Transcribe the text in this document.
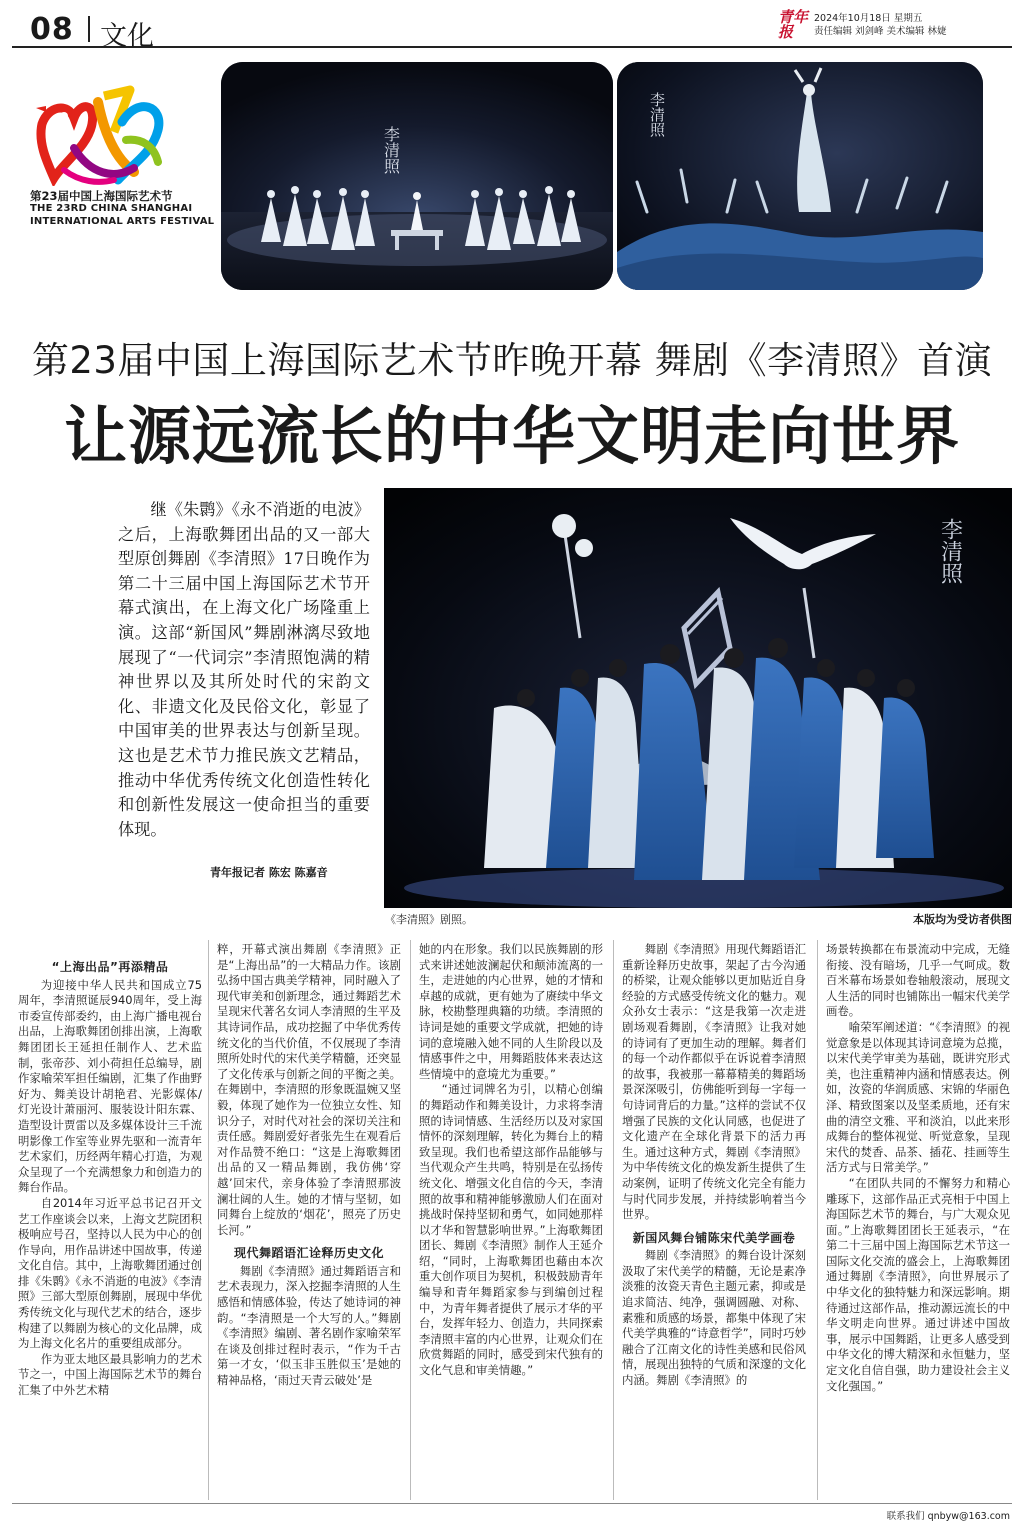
08 文化
青年报
2024年10月18日 星期五
责任编辑 刘剑峰 美术编辑 林婕
第23届中国上海国际艺术节
THE 23RD CHINA SHANGHAI
INTERNATIONAL ARTS FESTIVAL
李清照
李清照
第23届中国上海国际艺术节昨晚开幕 舞剧《李清照》首演
让源远流长的中华文明走向世界
继《朱鹮》《永不消逝的电波》之后，上海歌舞团出品的又一部大型原创舞剧《李清照》17日晚作为第二十三届中国上海国际艺术节开幕式演出，在上海文化广场隆重上演。这部“新国风”舞剧淋漓尽致地展现了“一代词宗”李清照饱满的精神世界以及其所处时代的宋韵文化、非遗文化及民俗文化，彰显了中国审美的世界表达与创新呈现。这也是艺术节力推民族文艺精品，推动中华优秀传统文化创造性转化和创新性发展这一使命担当的重要体现。
青年报记者 陈宏 陈嘉音
李清照
《李清照》剧照。	本版均为受访者供图
“上海出品”再添精品

为迎接中华人民共和国成立75周年，李清照诞辰940周年，受上海市委宣传部委约，由上海广播电视台出品，上海歌舞团创排出演，上海歌舞团团长王延担任制作人、艺术监制，张帝莎、刘小荷担任总编导，剧作家喻荣军担任编剧，汇集了作曲野好为、舞美设计胡艳君、光影媒体/灯光设计萧丽河、服装设计阳东霖、造型设计贾雷以及多媒体设计三千流明影像工作室等业界先驱和一流青年艺术家们，历经两年精心打造，为观众呈现了一个充满想象力和创造力的舞台作品。

自2014年习近平总书记召开文艺工作座谈会以来，上海文艺院团积极响应号召，坚持以人民为中心的创作导向，用作品讲述中国故事，传递文化自信。其中，上海歌舞团通过创排《朱鹮》《永不消逝的电波》《李清照》三部大型原创舞剧，展现中华优秀传统文化与现代艺术的结合，逐步构建了以舞剧为核心的文化品牌，成为上海文化名片的重要组成部分。

作为亚太地区最具影响力的艺术节之一，中国上海国际艺术节的舞台汇集了中外艺术精

粹，开幕式演出舞剧《李清照》正是“上海出品”的一大精品力作。该剧弘扬中国古典美学精神，同时融入了现代审美和创新理念，通过舞蹈艺术呈现宋代著名女词人李清照的生平及其诗词作品，成功挖掘了中华优秀传统文化的当代价值，不仅展现了李清照所处时代的宋代美学精髓，还突显了文化传承与创新之间的平衡之美。在舞剧中，李清照的形象既温婉又坚毅，体现了她作为一位独立女性、知识分子，对时代对社会的深切关注和责任感。舞剧爱好者张先生在观看后对作品赞不绝口：“这是上海歌舞团出品的又一精品舞剧，我仿佛‘穿越’回宋代，亲身体验了李清照那波澜壮阔的人生。她的才情与坚韧，如同舞台上绽放的‘烟花’，照亮了历史长河。”

现代舞蹈语汇诠释历史文化

舞剧《李清照》通过舞蹈语言和艺术表现力，深入挖掘李清照的人生感悟和情感体验，传达了她诗词的神韵。“李清照是一个大写的人。”舞剧《李清照》编剧、著名剧作家喻荣军在谈及创排过程时表示，“作为千古第一才女，‘似玉非玉胜似玉’是她的精神品格，‘雨过天青云破处’是

她的内在形象。我们以民族舞剧的形式来讲述她波澜起伏和颠沛流离的一生，走进她的内心世界，她的才情和卓越的成就，更有她为了赓续中华文脉，校勘整理典籍的功绩。李清照的诗词是她的重要文学成就，把她的诗词的意境融入她不同的人生阶段以及情感事件之中，用舞蹈肢体来表达这些情境中的意境尤为重要。”

“通过词牌名为引，以精心创编的舞蹈动作和舞美设计，力求将李清照的诗词情感、生活经历以及对家国情怀的深刻理解，转化为舞台上的精致呈现。我们也希望这部作品能够与当代观众产生共鸣，特别是在弘扬传统文化、增强文化自信的今天，李清照的故事和精神能够激励人们在面对挑战时保持坚韧和勇气，如同她那样以才华和智慧影响世界。”上海歌舞团团长、舞剧《李清照》制作人王延介绍，“同时，上海歌舞团也藉由本次重大创作项目为契机，积极鼓励青年编导和青年舞蹈家参与到编创过程中，为青年舞者提供了展示才华的平台，发挥年轻力、创造力，共同探索李清照丰富的内心世界，让观众们在欣赏舞蹈的同时，感受到宋代独有的文化气息和审美情趣。”

舞剧《李清照》用现代舞蹈语汇重新诠释历史故事，架起了古今沟通的桥梁，让观众能够以更加贴近自身经验的方式感受传统文化的魅力。观众孙女士表示：“这是我第一次走进剧场观看舞剧，《李清照》让我对她的诗词有了更加生动的理解。舞者们的每一个动作都似乎在诉说着李清照的故事，我被那一幕幕精美的舞蹈场景深深吸引，仿佛能听到每一字每一句诗词背后的力量。”这样的尝试不仅增强了民族的文化认同感，也促进了文化遗产在全球化背景下的活力再生。通过这种方式，舞剧《李清照》为中华传统文化的焕发新生提供了生动案例，证明了传统文化完全有能力与时代同步发展，并持续影响着当今世界。

新国风舞台铺陈宋代美学画卷

舞剧《李清照》的舞台设计深刻汲取了宋代美学的精髓，无论是素净淡雅的汝瓷天青色主题元素，抑或是追求简洁、纯净，强调圆融、对称、素雅和质感的场景，都集中体现了宋代美学典雅的“诗意哲学”，同时巧妙融合了江南文化的诗性美感和民俗风情，展现出独特的气质和深邃的文化内涵。舞剧《李清照》的

场景转换都在布景流动中完成，无缝衔接、没有暗场，几乎一气呵成。数百米幕布场景如卷轴般滚动，展现文人生活的同时也铺陈出一幅宋代美学画卷。

喻荣军阐述道：“《李清照》的视觉意象是以体现其诗词意境为总揽，以宋代美学审美为基础，既讲究形式美，也注重精神内涵和情感表达。例如，汝瓷的华润质感、宋锦的华丽色泽、精致图案以及坚柔质地，还有宋曲的清空文雅、平和淡泊，以此来形成舞台的整体视觉、听觉意象，呈现宋代的焚香、品茶、插花、挂画等生活方式与日常美学。”

“在团队共同的不懈努力和精心雕琢下，这部作品正式亮相于中国上海国际艺术节的舞台，与广大观众见面。”上海歌舞团团长王延表示，“在第二十三届中国上海国际艺术节这一国际文化交流的盛会上，上海歌舞团通过舞剧《李清照》，向世界展示了中华文化的独特魅力和深远影响。期待通过这部作品，推动源远流长的中华文明走向世界。通过讲述中国故事，展示中国舞蹈，让更多人感受到中华文化的博大精深和永恒魅力，坚定文化自信自强，助力建设社会主义文化强国。”

联系我们 qnbyw@163.com
